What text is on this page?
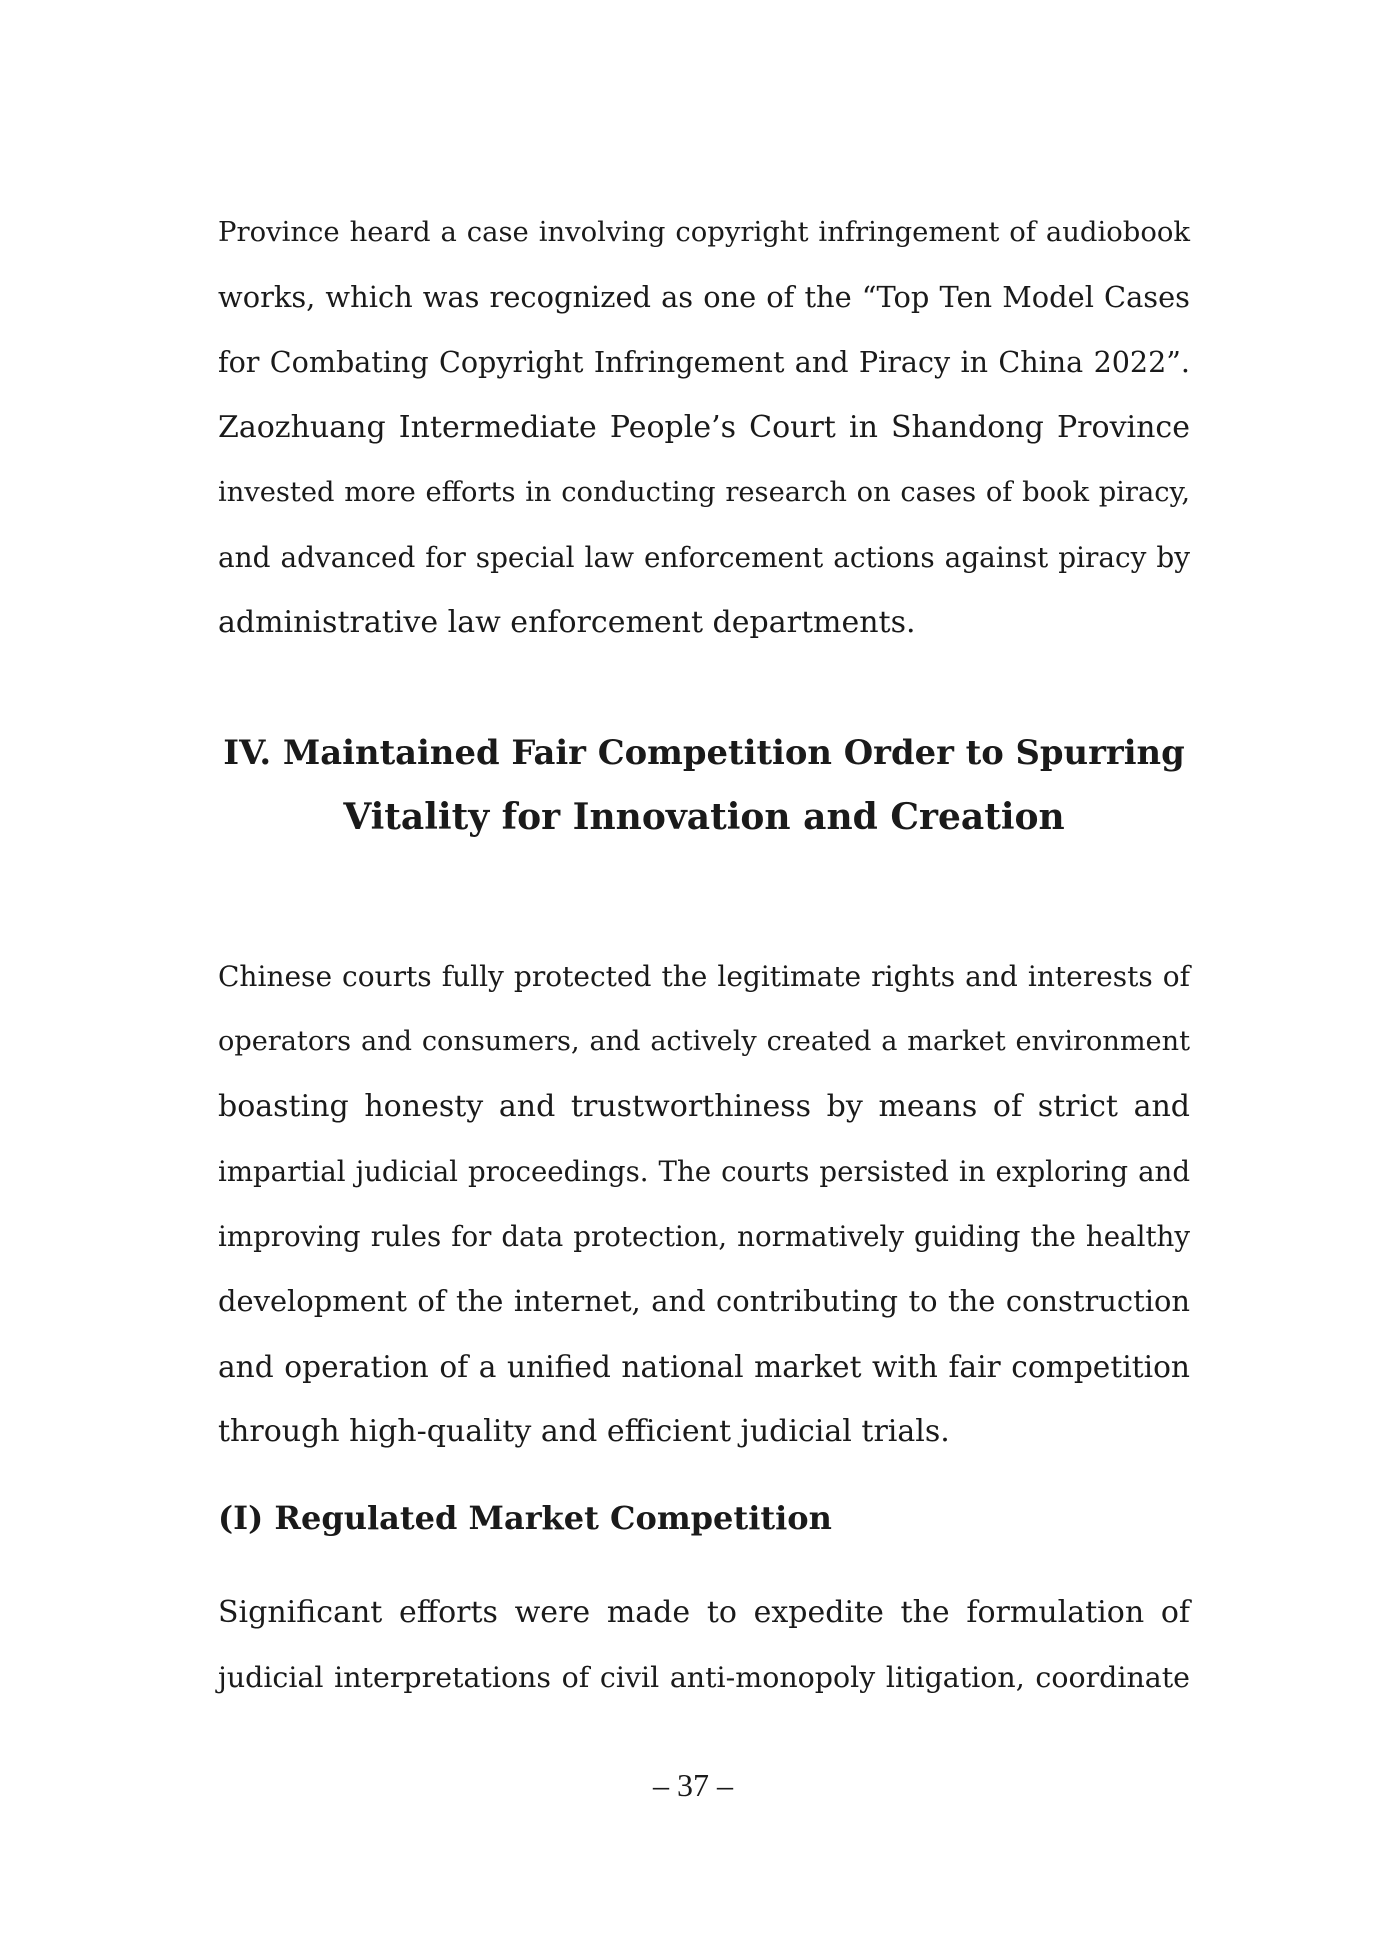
Province heard a case involving copyright infringement of audiobook
works, which was recognized as one of the “Top Ten Model Cases
for Combating Copyright Infringement and Piracy in China 2022”.
Zaozhuang Intermediate People’s Court in Shandong Province
invested more efforts in conducting research on cases of book piracy,
and advanced for special law enforcement actions against piracy by
administrative law enforcement departments.

IV. Maintained Fair Competition Order to Spurring
Vitality for Innovation and Creation

Chinese courts fully protected the legitimate rights and interests of
operators and consumers, and actively created a market environment
boasting honesty and trustworthiness by means of strict and
impartial judicial proceedings. The courts persisted in exploring and
improving rules for data protection, normatively guiding the healthy
development of the internet, and contributing to the construction
and operation of a unified national market with fair competition
through high-quality and efficient judicial trials.

(I) Regulated Market Competition

Significant efforts were made to expedite the formulation of
judicial interpretations of civil anti-monopoly litigation, coordinate

– 37 –
